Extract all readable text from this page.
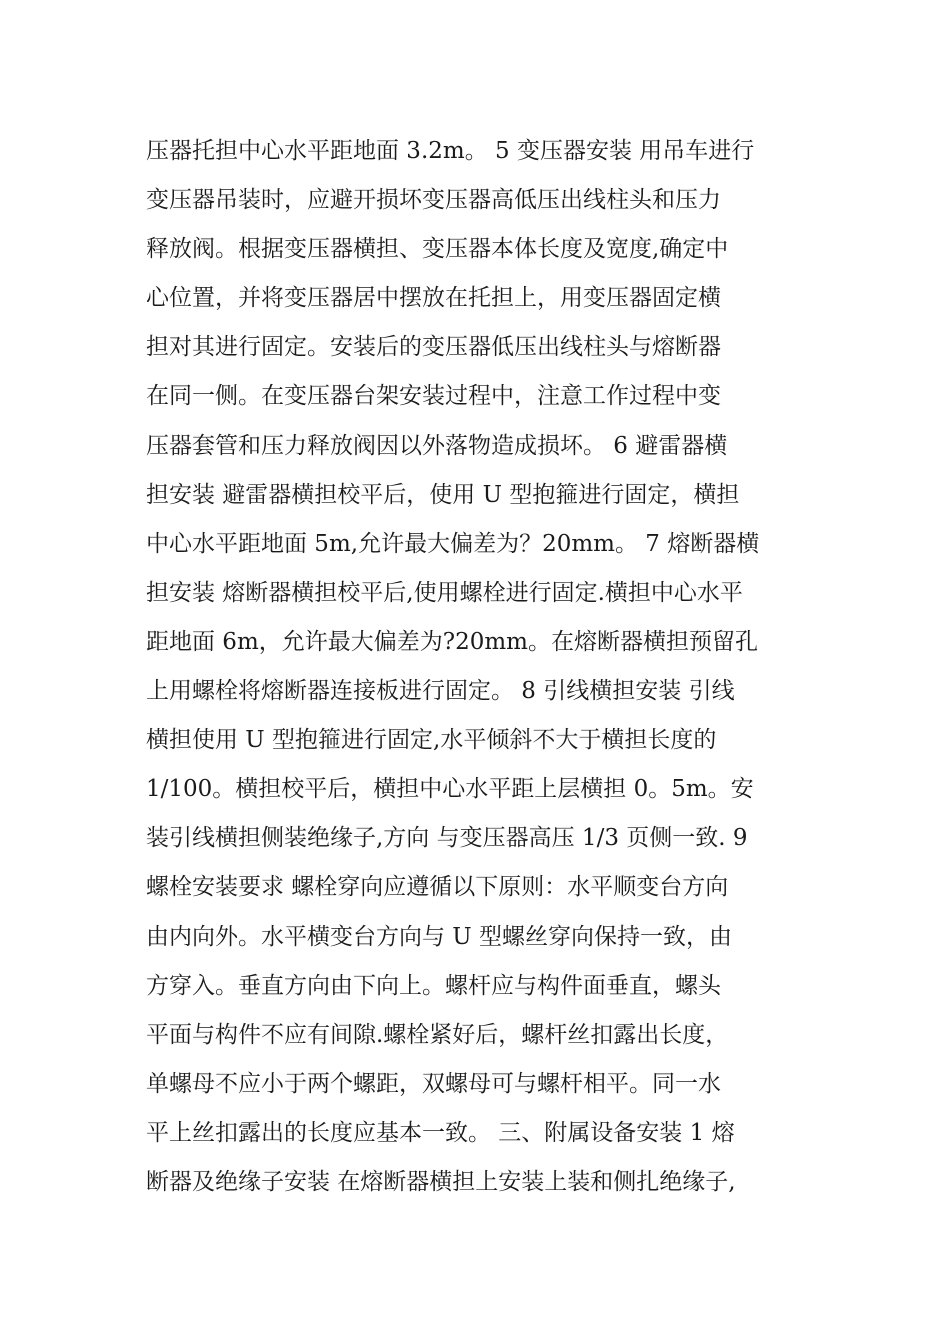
压器托担中心水平距地面 3.2m。 5 变压器安装 用吊车进行
变压器吊装时，应避开损坏变压器高低压出线柱头和压力
释放阀。根据变压器横担、变压器本体长度及宽度,确定中
心位置，并将变压器居中摆放在托担上，用变压器固定横
担对其进行固定。安装后的变压器低压出线柱头与熔断器
在同一侧。在变压器台架安装过程中，注意工作过程中变
压器套管和压力释放阀因以外落物造成损坏。 6 避雷器横
担安装 避雷器横担校平后，使用 U 型抱箍进行固定，横担
中心水平距地面 5m,允许最大偏差为？20mm。 7 熔断器横
担安装 熔断器横担校平后,使用螺栓进行固定.横担中心水平
距地面 6m，允许最大偏差为?20mm。在熔断器横担预留孔
上用螺栓将熔断器连接板进行固定。 8 引线横担安装 引线
横担使用 U 型抱箍进行固定,水平倾斜不大于横担长度的
1/100。横担校平后，横担中心水平距上层横担 0。5m。安
装引线横担侧装绝缘子,方向 与变压器高压 1/3 页侧一致. 9
螺栓安装要求 螺栓穿向应遵循以下原则：水平顺变台方向
由内向外。水平横变台方向与 U 型螺丝穿向保持一致，由
方穿入。垂直方向由下向上。螺杆应与构件面垂直，螺头
平面与构件不应有间隙.螺栓紧好后，螺杆丝扣露出长度，
单螺母不应小于两个螺距，双螺母可与螺杆相平。同一水
平上丝扣露出的长度应基本一致。 三、附属设备安装 1 熔
断器及绝缘子安装 在熔断器横担上安装上装和侧扎绝缘子,
